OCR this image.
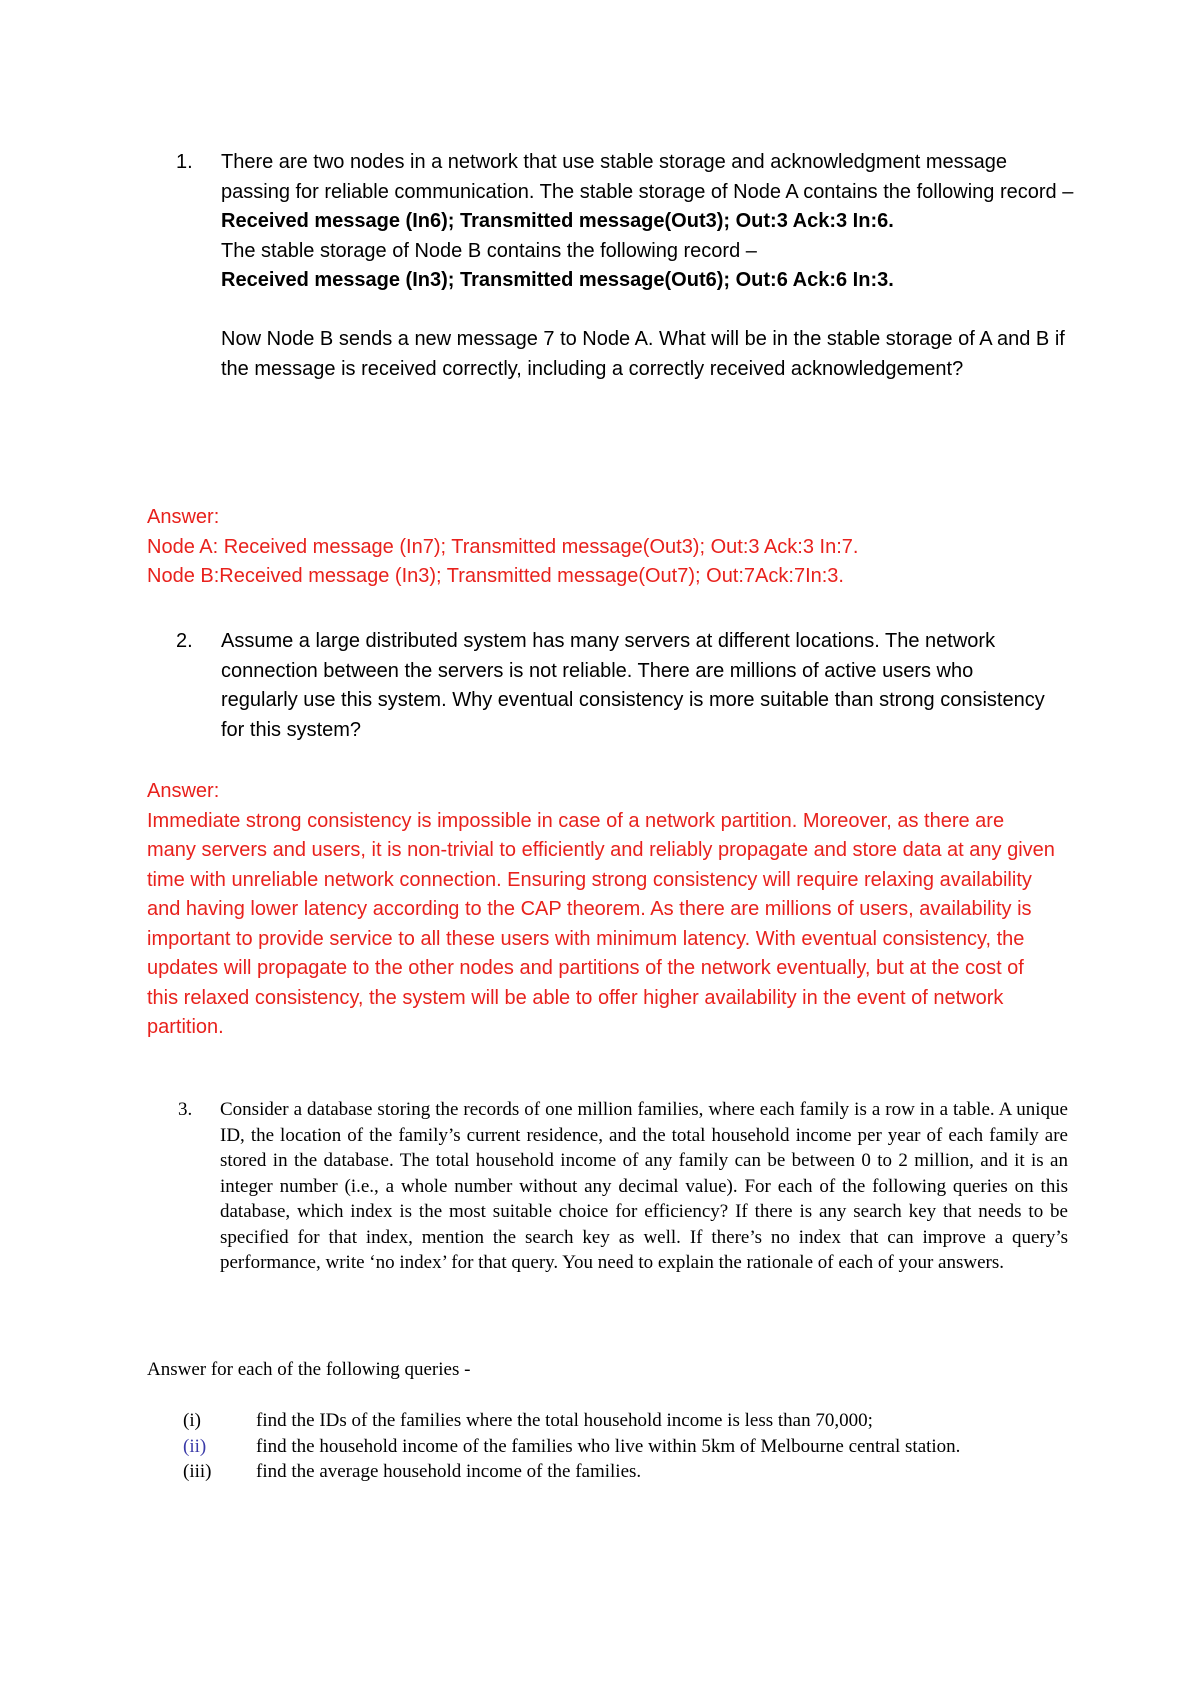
1. There are two nodes in a network that use stable storage and acknowledgment message passing for reliable communication. The stable storage of Node A contains the following record –

Received message (In6); Transmitted message(Out3); Out:3 Ack:3 In:6.

The stable storage of Node B contains the following record –

Received message (In3); Transmitted message(Out6); Out:6 Ack:6 In:3.

Now Node B sends a new message 7 to Node A. What will be in the stable storage of A and B if the message is received correctly, including a correctly received acknowledgement?

Answer:

Node A: Received message (In7); Transmitted message(Out3); Out:3 Ack:3 In:7.

Node B:Received message (In3); Transmitted message(Out7); Out:7Ack:7In:3.

2. Assume a large distributed system has many servers at different locations. The network connection between the servers is not reliable. There are millions of active users who regularly use this system. Why eventual consistency is more suitable than strong consistency for this system?

Answer:

Immediate strong consistency is impossible in case of a network partition. Moreover, as there are many servers and users, it is non-trivial to efficiently and reliably propagate and store data at any given time with unreliable network connection. Ensuring strong consistency will require relaxing availability and having lower latency according to the CAP theorem. As there are millions of users, availability is important to provide service to all these users with minimum latency. With eventual consistency, the updates will propagate to the other nodes and partitions of the network eventually, but at the cost of this relaxed consistency, the system will be able to offer higher availability in the event of network partition.

3. Consider a database storing the records of one million families, where each family is a row in a table. A unique ID, the location of the family’s current residence, and the total household income per year of each family are stored in the database. The total household income of any family can be between 0 to 2 million, and it is an integer number (i.e., a whole number without any decimal value). For each of the following queries on this database, which index is the most suitable choice for efficiency? If there is any search key that needs to be specified for that index, mention the search key as well. If there’s no index that can improve a query’s performance, write ‘no index’ for that query. You need to explain the rationale of each of your answers.

Answer for each of the following queries -

(i)	find the IDs of the families where the total household income is less than 70,000;
(ii)	find the household income of the families who live within 5km of Melbourne central station.
(iii)	find the average household income of the families.
